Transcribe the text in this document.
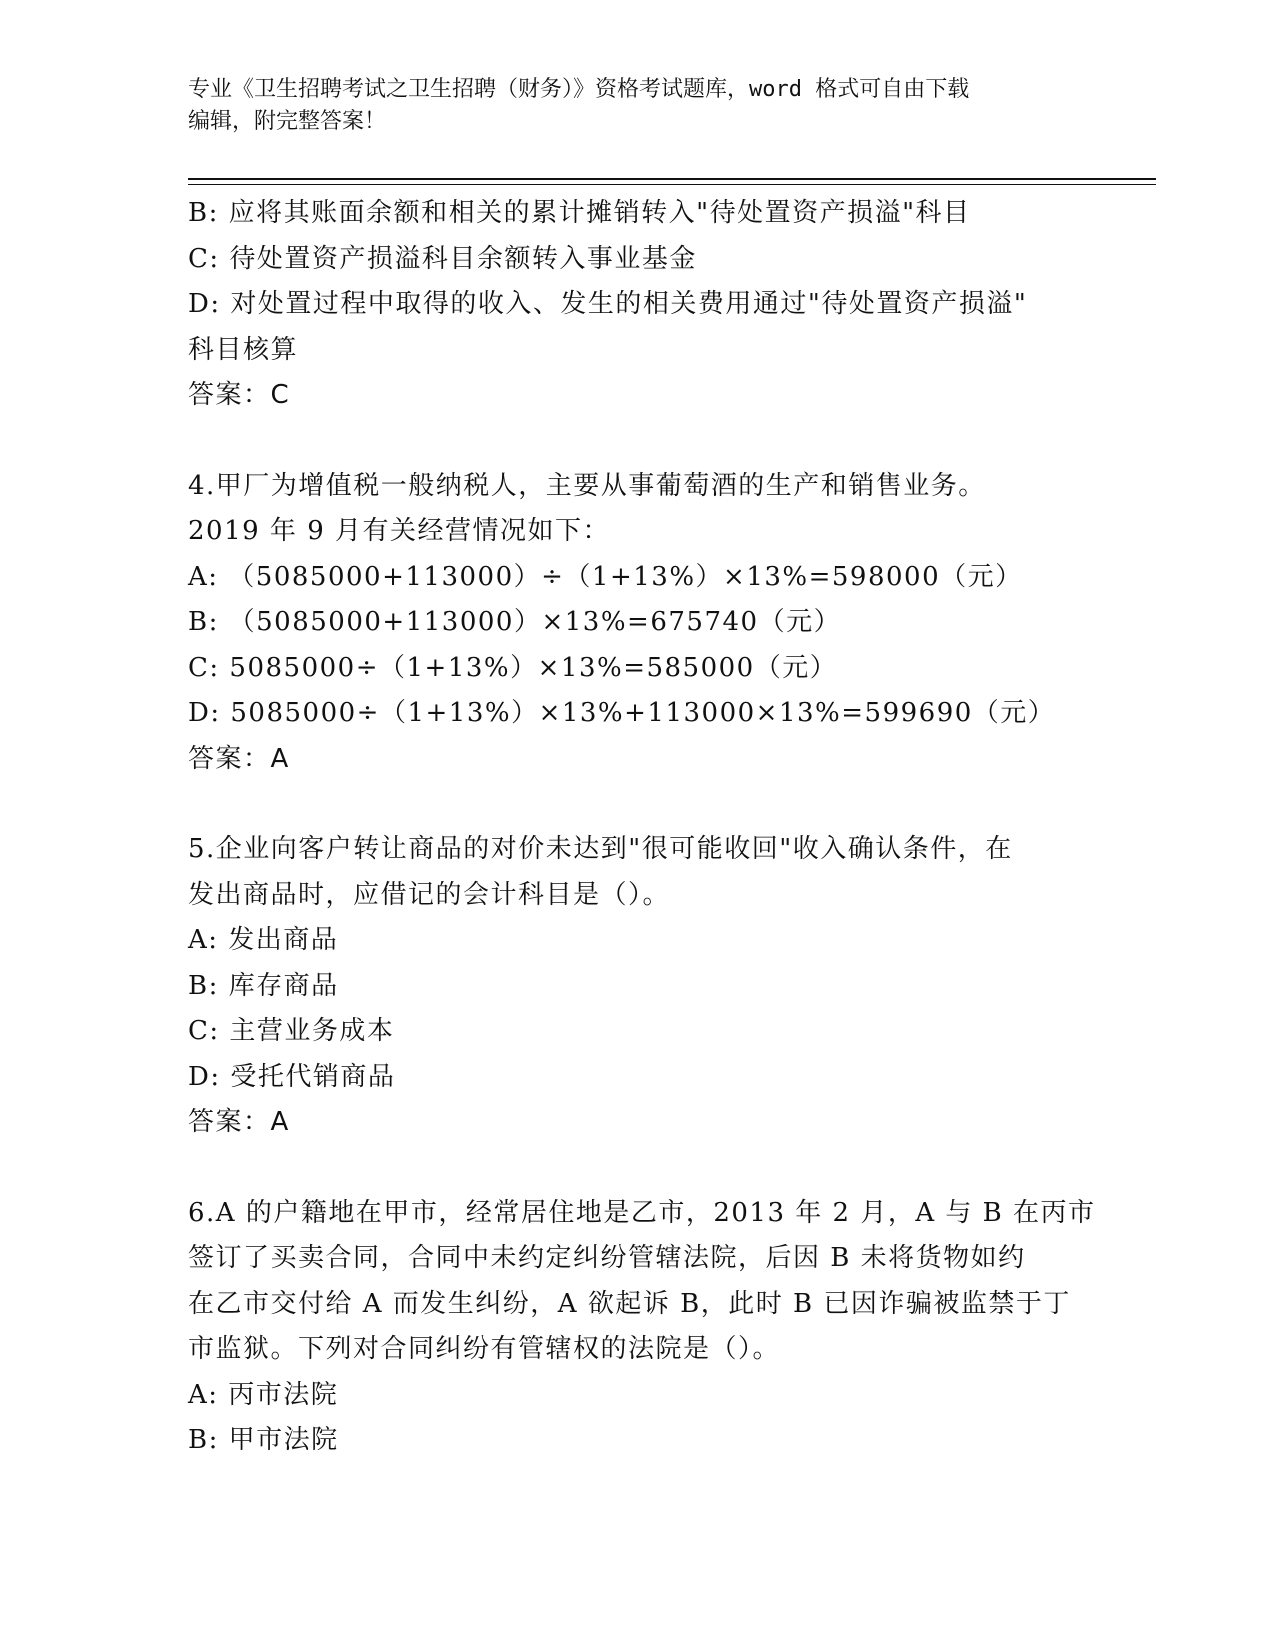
专业《卫生招聘考试之卫生招聘（财务）》资格考试题库，word 格式可自由下载
编辑，附完整答案！
B: 应将其账面余额和相关的累计摊销转入"待处置资产损溢"科目
C: 待处置资产损溢科目余额转入事业基金
D: 对处置过程中取得的收入、发生的相关费用通过"待处置资产损溢"
科目核算
答案：C
4.甲厂为增值税一般纳税人，主要从事葡萄酒的生产和销售业务。
2019 年 9 月有关经营情况如下：
A: （5085000+113000）÷（1+13%）×13%=598000（元）
B: （5085000+113000）×13%=675740（元）
C: 5085000÷（1+13%）×13%=585000（元）
D: 5085000÷（1+13%）×13%+113000×13%=599690（元）
答案：A
5.企业向客户转让商品的对价未达到"很可能收回"收入确认条件，在
发出商品时，应借记的会计科目是（）。
A: 发出商品
B: 库存商品
C: 主营业务成本
D: 受托代销商品
答案：A
6.A 的户籍地在甲市，经常居住地是乙市，2013 年 2 月，A 与 B 在丙市
签订了买卖合同，合同中未约定纠纷管辖法院，后因 B 未将货物如约
在乙市交付给 A 而发生纠纷，A 欲起诉 B，此时 B 已因诈骗被监禁于丁
市监狱。下列对合同纠纷有管辖权的法院是（）。
A: 丙市法院
B: 甲市法院
